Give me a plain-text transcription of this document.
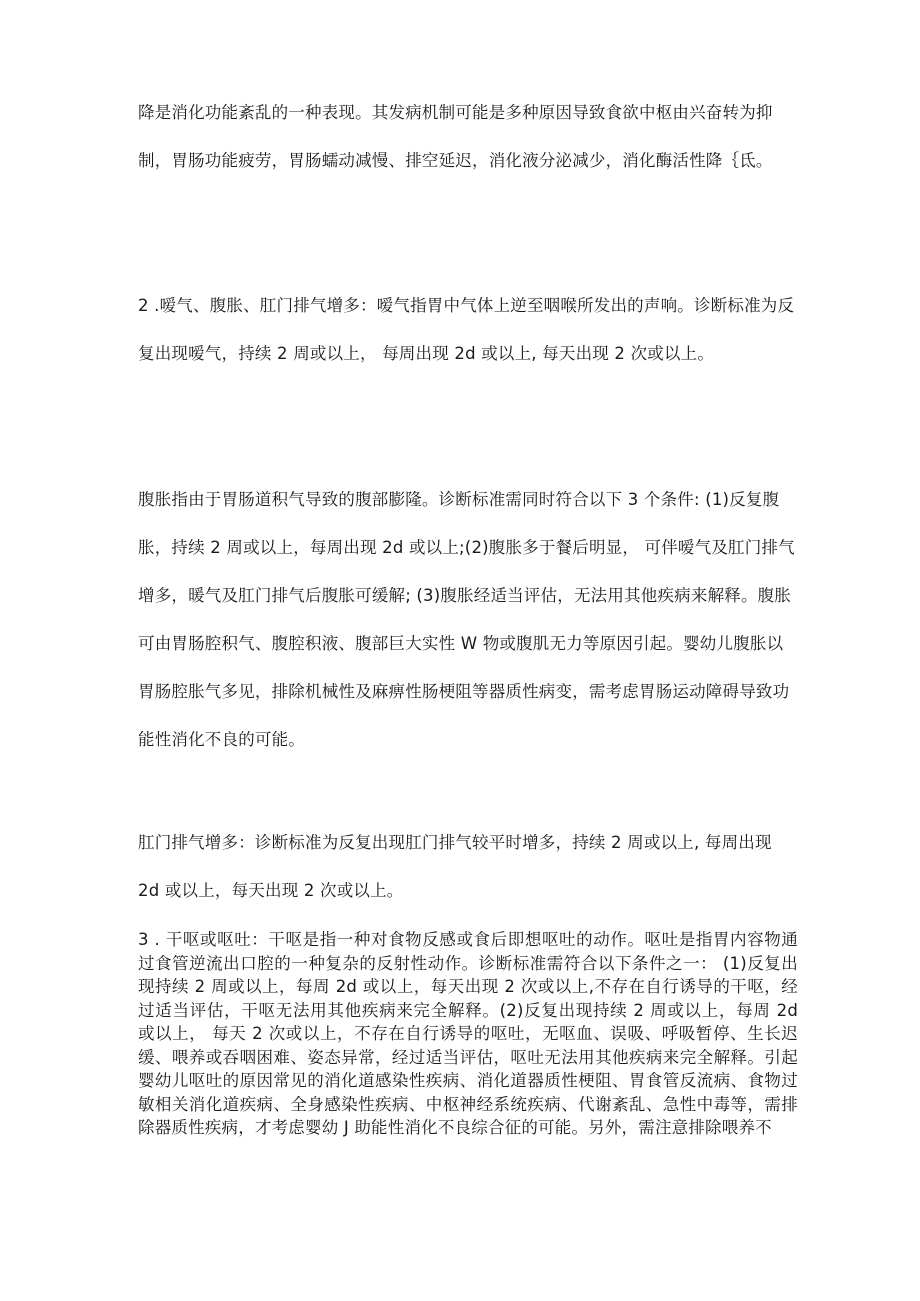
降是消化功能紊乱的一种表现。其发病机制可能是多种原因导致食欲中枢由兴奋转为抑制，胃肠功能疲劳，胃肠蠕动减慢、排空延迟，消化液分泌减少，消化酶活性降｛氐。

2 .嗳气、腹胀、肛门排气增多：嗳气指胃中气体上逆至咽喉所发出的声响。诊断标准为反复出现嗳气，持续 2 周或以上， 每周出现 2d 或以上, 每天出现 2 次或以上。

腹胀指由于胃肠道积气导致的腹部膨隆。诊断标准需同时符合以下 3 个条件: (1)反复腹胀，持续 2 周或以上，每周出现 2d 或以上;(2)腹胀多于餐后明显， 可伴嗳气及肛门排气增多，暖气及肛门排气后腹胀可缓解; (3)腹胀经适当评估，无法用其他疾病来解释。腹胀可由胃肠腔积气、腹腔积液、腹部巨大实性 W 物或腹肌无力等原因引起。婴幼儿腹胀以胃肠腔胀气多见，排除机械性及麻痹性肠梗阻等器质性病变，需考虑胃肠运动障碍导致功能性消化不良的可能。

肛门排气增多：诊断标准为反复出现肛门排气较平时增多，持续 2 周或以上, 每周出现 2d 或以上，每天出现 2 次或以上。

3 . 干呕或呕吐：干呕是指一种对食物反感或食后即想呕吐的动作。呕吐是指胃内容物通过食管逆流出口腔的一种复杂的反射性动作。诊断标准需符合以下条件之一： (1)反复出现持续 2 周或以上，每周 2d 或以上，每天出现 2 次或以上,不存在自行诱导的干呕，经过适当评估，干呕无法用其他疾病来完全解释。(2)反复出现持续 2 周或以上，每周 2d 或以上， 每天 2 次或以上，不存在自行诱导的呕吐，无呕血、误吸、呼吸暂停、生长迟缓、喂养或吞咽困难、姿态异常，经过适当评估，呕吐无法用其他疾病来完全解释。引起婴幼儿呕吐的原因常见的消化道感染性疾病、消化道器质性梗阻、胃食管反流病、食物过敏相关消化道疾病、全身感染性疾病、中枢神经系统疾病、代谢紊乱、急性中毒等，需排除器质性疾病，才考虑婴幼 J 助能性消化不良综合征的可能。另外，需注意排除喂养不
